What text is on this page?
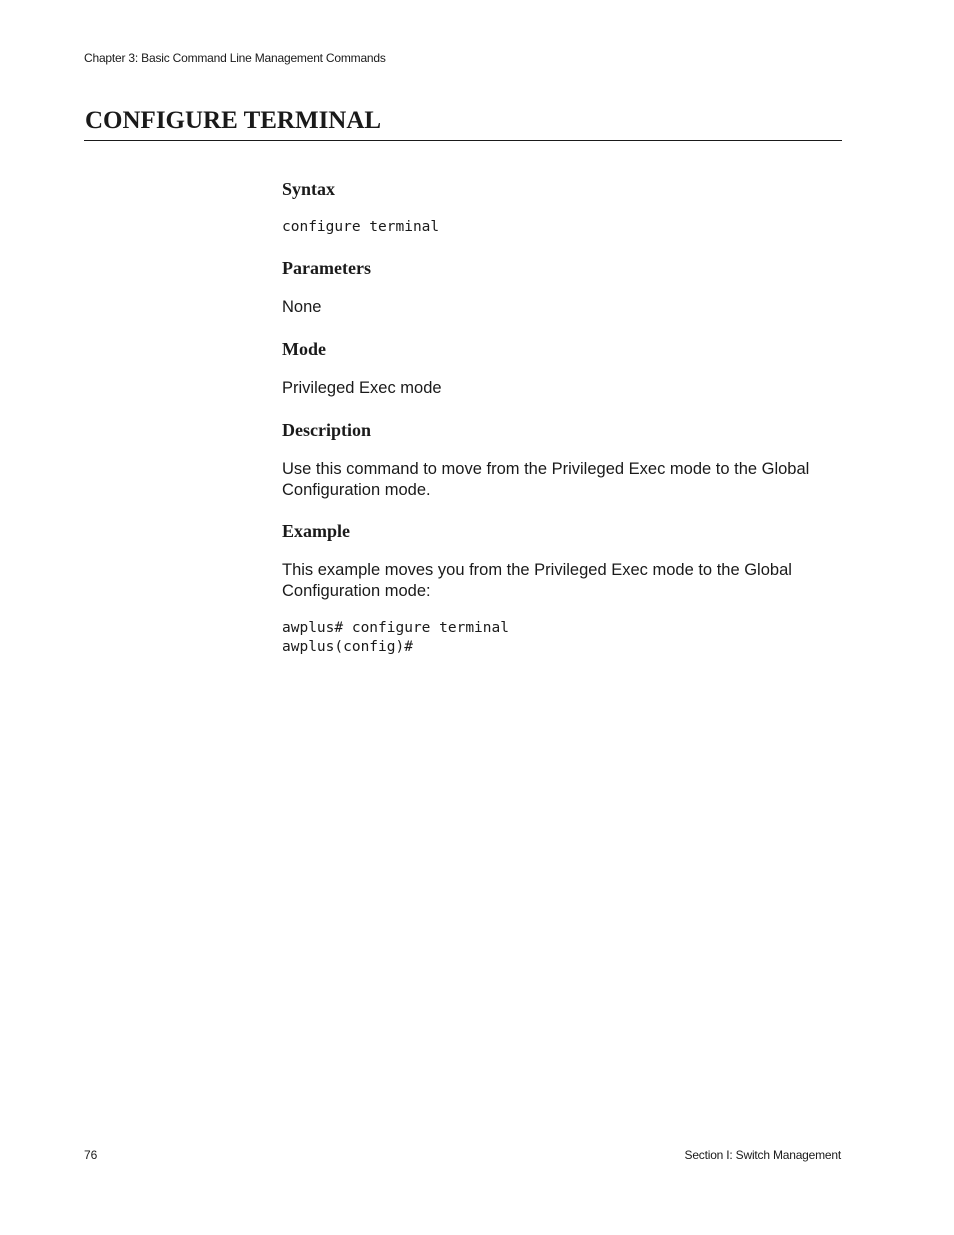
Chapter 3: Basic Command Line Management Commands
CONFIGURE TERMINAL
Syntax
configure terminal
Parameters

None

Mode

Privileged Exec mode

Description

Use this command to move from the Privileged Exec mode to the Global Configuration mode.

Example

This example moves you from the Privileged Exec mode to the Global Configuration mode:

awplus# configure terminal
awplus(config)#
76	Section I: Switch Management
